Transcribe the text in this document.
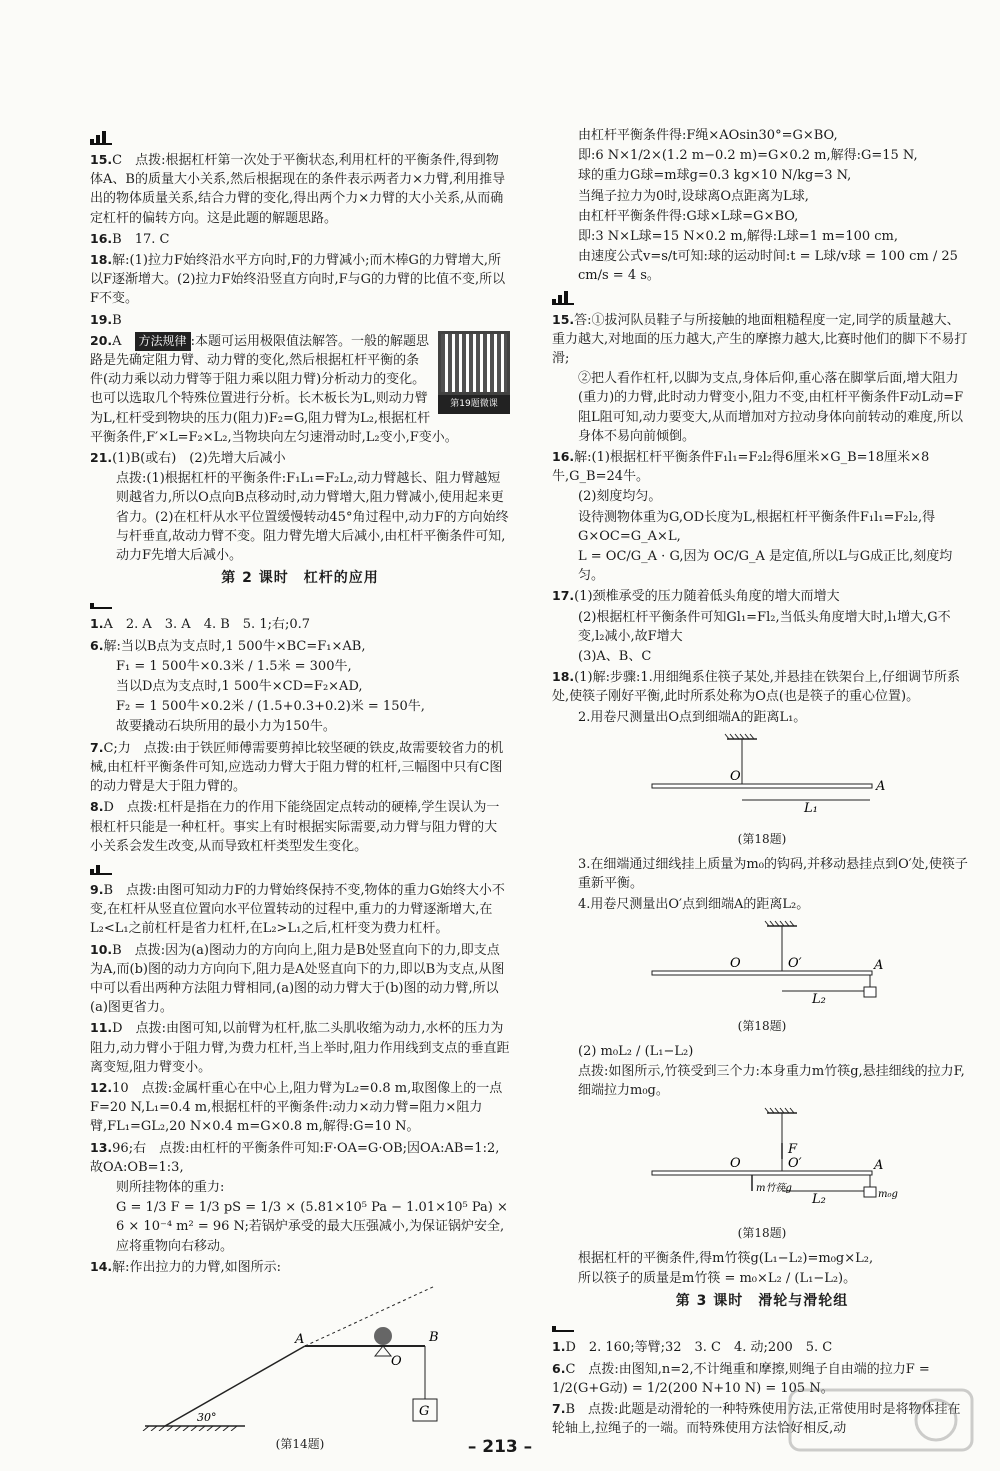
15.C　点拨:根据杠杆第一次处于平衡状态,利用杠杆的平衡条件,得到物体A、B的质量大小关系,然后根据现在的条件表示两者力×力臂,利用推导出的物体质量关系,结合力臂的变化,得出两个力×力臂的大小关系,从而确定杠杆的偏转方向。这是此题的解题思路。
16.B　17. C
18.解:(1)拉力F始终沿水平方向时,F的力臂减小;而木棒G的力臂增大,所以F逐渐增大。(2)拉力F始终沿竖直方向时,F与G的力臂的比值不变,所以F不变。
19.B
第19题微课
20.A　方法规律 :本题可运用极限值法解答。一般的解题思路是先确定阻力臂、动力臂的变化,然后根据杠杆平衡的条件(动力乘以动力臂等于阻力乘以阻力臂)分析动力的变化。也可以选取几个特殊位置进行分析。长木板长为L,则动力臂为L,杠杆受到物块的压力(阻力)F₂=G,阻力臂为L₂,根据杠杆平衡条件,F′×L=F₂×L₂,当物块向左匀速滑动时,L₂变小,F变小。
21.(1)B(或右)　(2)先增大后减小
点拨:(1)根据杠杆的平衡条件:F₁L₁=F₂L₂,动力臂越长、阻力臂越短则越省力,所以O点向B点移动时,动力臂增大,阻力臂减小,使用起来更省力。(2)在杠杆从水平位置缓慢转动45°角过程中,动力F的方向始终与杆垂直,故动力臂不变。阻力臂先增大后减小,由杠杆平衡条件可知,动力F先增大后减小。
第 2 课时　杠杆的应用
1.A　2. A　3. A　4. B　5. 1;右;0.7
6.解:当以B点为支点时,1 500牛×BC=F₁×AB,
F₁ = 1 500牛×0.3米 / 1.5米 = 300牛,
当以D点为支点时,1 500牛×CD=F₂×AD,
F₂ = 1 500牛×0.2米 / (1.5+0.3+0.2)米 = 150牛,
故要撬动石块所用的最小力为150牛。
7.C;力　点拨:由于铁匠师傅需要剪掉比较坚硬的铁皮,故需要较省力的机械,由杠杆平衡条件可知,应选动力臂大于阻力臂的杠杆,三幅图中只有C图的动力臂是大于阻力臂的。
8.D　点拨:杠杆是指在力的作用下能绕固定点转动的硬棒,学生误认为一根杠杆只能是一种杠杆。事实上有时根据实际需要,动力臂与阻力臂的大小关系会发生改变,从而导致杠杆类型发生变化。
9.B　点拨:由图可知动力F的力臂始终保持不变,物体的重力G始终大小不变,在杠杆从竖直位置向水平位置转动的过程中,重力的力臂逐渐增大,在L₂<L₁之前杠杆是省力杠杆,在L₂>L₁之后,杠杆变为费力杠杆。
10.B　点拨:因为(a)图动力的方向向上,阻力是B处竖直向下的力,即支点为A,而(b)图的动力方向向下,阻力是A处竖直向下的力,即以B为支点,从图中可以看出两种方法阻力臂相同,(a)图的动力臂大于(b)图的动力臂,所以(a)图更省力。
11.D　点拨:由图可知,以前臂为杠杆,肱二头肌收缩为动力,水杯的压力为阻力,动力臂小于阻力臂,为费力杠杆,当上举时,阻力作用线到支点的垂直距离变短,阻力臂变小。
12.10　点拨:金属杆重心在中心上,阻力臂为L₂=0.8 m,取图像上的一点F=20 N,L₁=0.4 m,根据杠杆的平衡条件:动力×动力臂=阻力×阻力臂,FL₁=GL₂,20 N×0.4 m=G×0.8 m,解得:G=10 N。
13.96;右　点拨:由杠杆的平衡条件可知:F·OA=G·OB;因OA:AB=1:2,故OA:OB=1:3,
则所挂物体的重力:
G = 1/3 F = 1/3 pS = 1/3 × (5.81×10⁵ Pa − 1.01×10⁵ Pa) × 6 × 10⁻⁴ m² = 96 N;若锅炉承受的最大压强减小,为保证锅炉安全,应将重物向右移动。
14.解:作出拉力的力臂,如图所示:
A	B
O
G
30°
(第14题)
由杠杆平衡条件得:F绳×AOsin30°=G×BO,
即:6 N×1/2×(1.2 m−0.2 m)=G×0.2 m,解得:G=15 N,
球的重力G球=m球g=0.3 kg×10 N/kg=3 N,
当绳子拉力为0时,设球离O点距离为L球,
由杠杆平衡条件得:G球×L球=G×BO,
即:3 N×L球=15 N×0.2 m,解得:L球=1 m=100 cm,
由速度公式v=s/t可知:球的运动时间:t = L球/v球 = 100 cm / 25 cm/s = 4 s。
15.答:①拔河队员鞋子与所接触的地面粗糙程度一定,同学的质量越大、重力越大,对地面的压力越大,产生的摩擦力越大,比赛时他们的脚下不易打滑;
②把人看作杠杆,以脚为支点,身体后仰,重心落在脚掌后面,增大阻力(重力)的力臂,此时动力臂变小,阻力不变,由杠杆平衡条件F动L动=F阻L阻可知,动力要变大,从而增加对方拉动身体向前转动的难度,所以身体不易向前倾倒。
16.解:(1)根据杠杆平衡条件F₁l₁=F₂l₂得6厘米×G_B=18厘米×8牛,G_B=24牛。
(2)刻度均匀。
设待测物体重为G,OD长度为L,根据杠杆平衡条件F₁l₁=F₂l₂,得G×OC=G_A×L,
L = OC/G_A · G,因为 OC/G_A 是定值,所以L与G成正比,刻度均匀。
17.(1)颈椎承受的压力随着低头角度的增大而增大
(2)根据杠杆平衡条件可知Gl₁=Fl₂,当低头角度增大时,l₁增大,G不变,l₂减小,故F增大
(3)A、B、C
18.(1)解:步骤:1.用细绳系住筷子某处,并悬挂在铁架台上,仔细调节所系处,使筷子刚好平衡,此时所系处称为O点(也是筷子的重心位置)。
2.用卷尺测量出O点到细端A的距离L₁。
O
A
L₁
(第18题)
3.在细端通过细线挂上质量为m₀的钩码,并移动悬挂点到O′处,使筷子重新平衡。
4.用卷尺测量出O′点到细端A的距离L₂。
O	O′	A
L₂
(第18题)
(2) m₀L₂ / (L₁−L₂)
点拨:如图所示,竹筷受到三个力:本身重力m竹筷g,悬挂细线的拉力F,细端拉力m₀g。
O	O′	A
L₂
F
m竹筷g
m₀g
(第18题)
根据杠杆的平衡条件,得m竹筷g(L₁−L₂)=m₀g×L₂,
所以筷子的质量是m竹筷 = m₀×L₂ / (L₁−L₂)。
第 3 课时　滑轮与滑轮组
1.D　2. 160;等臂;32　3. C　4. 动;200　5. C
6.C　点拨:由图知,n=2,不计绳重和摩擦,则绳子自由端的拉力F = 1/2(G+G动) = 1/2(200 N+10 N) = 105 N。
7.B　点拨:此题是动滑轮的一种特殊使用方法,正常使用时是将物体挂在轮轴上,拉绳子的一端。而特殊使用方法恰好相反,动
– 213 –
